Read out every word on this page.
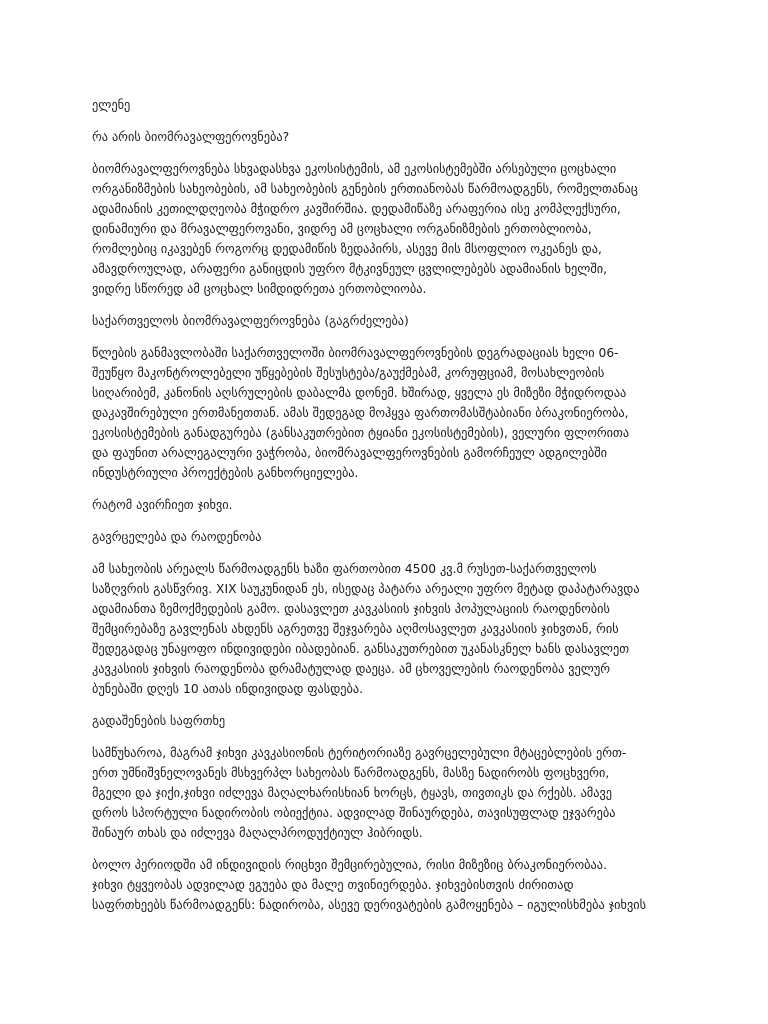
ელენე
რა არის ბიომრავალფეროვნება?
ბიომრავალფეროვნება სხვადასხვა ეკოსისტემის, ამ ეკოსისტემებში არსებული ცოცხალი
ორგანიზმების სახეობების, ამ სახეობების გენების ერთიანობას წარმოადგენს, რომელთანაც
ადამიანის კეთილდღეობა მჭიდრო კავშირშია. დედამიწაზე არაფერია ისე კომპლექსური,
დინამიური და მრავალფეროვანი, ვიდრე ამ ცოცხალი ორგანიზმების ერთობლიობა,
რომლებიც იკავებენ როგორც დედამიწის ზედაპირს, ასევე მის მსოფლიო ოკეანეს და,
ამავდროულად, არაფერი განიცდის უფრო მტკივნეულ ცვლილებებს ადამიანის ხელში,
ვიდრე სწორედ ამ ცოცხალ სიმდიდრეთა ერთობლიობა.
საქართველოს ბიომრავალფეროვნება (გაგრძელება)
წლების განმავლობაში საქართველოში ბიომრავალფეროვნების დეგრადაციას ხელი 06-
შეუწყო მაკონტროლებელი უწყებების შესუსტება/გაუქმებამ, კორუფციამ, მოსახლეობის
სიღარიბემ, კანონის აღსრულების დაბალმა დონემ. ხშირად, ყველა ეს მიზეზი მჭიდროდაა
დაკავშირებული ერთმანეთთან. ამას შედეგად მოჰყვა ფართომასშტაბიანი ბრაკონიერობა,
ეკოსისტემების განადგურება (განსაკუთრებით ტყიანი ეკოსისტემების), ველური ფლორითა
და ფაუნით არალეგალური ვაჭრობა, ბიომრავალფეროვნების გამორჩეულ ადგილებში
ინდუსტრიული პროექტების განხორციელება.
რატომ ავირჩიეთ ჯიხვი.
გავრცელება და რაოდენობა
ამ სახეობის არეალს წარმოადგენს ხაზი ფართობით 4500 კვ.მ რუსეთ-საქართველოს
საზღვრის გასწვრივ. XIX საუკუნიდან ეს, ისედაც პატარა არეალი უფრო მეტად დაპატარავდა
ადამიანთა ზემოქმედების გამო. დასავლეთ კავკასიის ჯიხვის პოპულაციის რაოდენობის
შემცირებაზე გავლენას ახდენს აგრეთვე შეჯვარება აღმოსავლეთ კავკასიის ჯიხვთან, რის
შედეგადაც უნაყოფო ინდივიდები იბადებიან. განსაკუთრებით უკანასკნელ ხანს დასავლეთ
კავკასიის ჯიხვის რაოდენობა დრამატულად დაეცა. ამ ცხოველების რაოდენობა ველურ
ბუნებაში დღეს 10 ათას ინდივიდად ფასდება.
გადაშენების საფრთხე
სამწუხაროა, მაგრამ ჯიხვი კავკასიონის ტერიტორიაზე გავრცელებული მტაცებლების ერთ-
ერთ უმნიშვნელოვანეს მსხვერპლ სახეობას წარმოადგენს, მასზე ნადირობს ფოცხვერი,
მგელი და ჯიქი,ჯიხვი იძლევა მაღალხარისხიან ხორცს, ტყავს, თივთიკს და რქებს. ამავე
დროს სპორტული ნადირობის ობიექტია. ადვილად შინაურდება, თავისუფლად ეჯვარება
შინაურ თხას და იძლევა მაღალპროდუქტიულ ჰიბრიდს.
ბოლო პერიოდში ამ ინდივიდის რიცხვი შემცირებულია, რისი მიზეზიც ბრაკონიერობაა.
ჯიხვი ტყვეობას ადვილად ეგუება და მალე თვინიერდება. ჯიხვებისთვის ძირითად
საფრთხეებს წარმოადგენს: ნადირობა, ასევე დერივატების გამოყენება – იგულისხმება ჯიხვის
